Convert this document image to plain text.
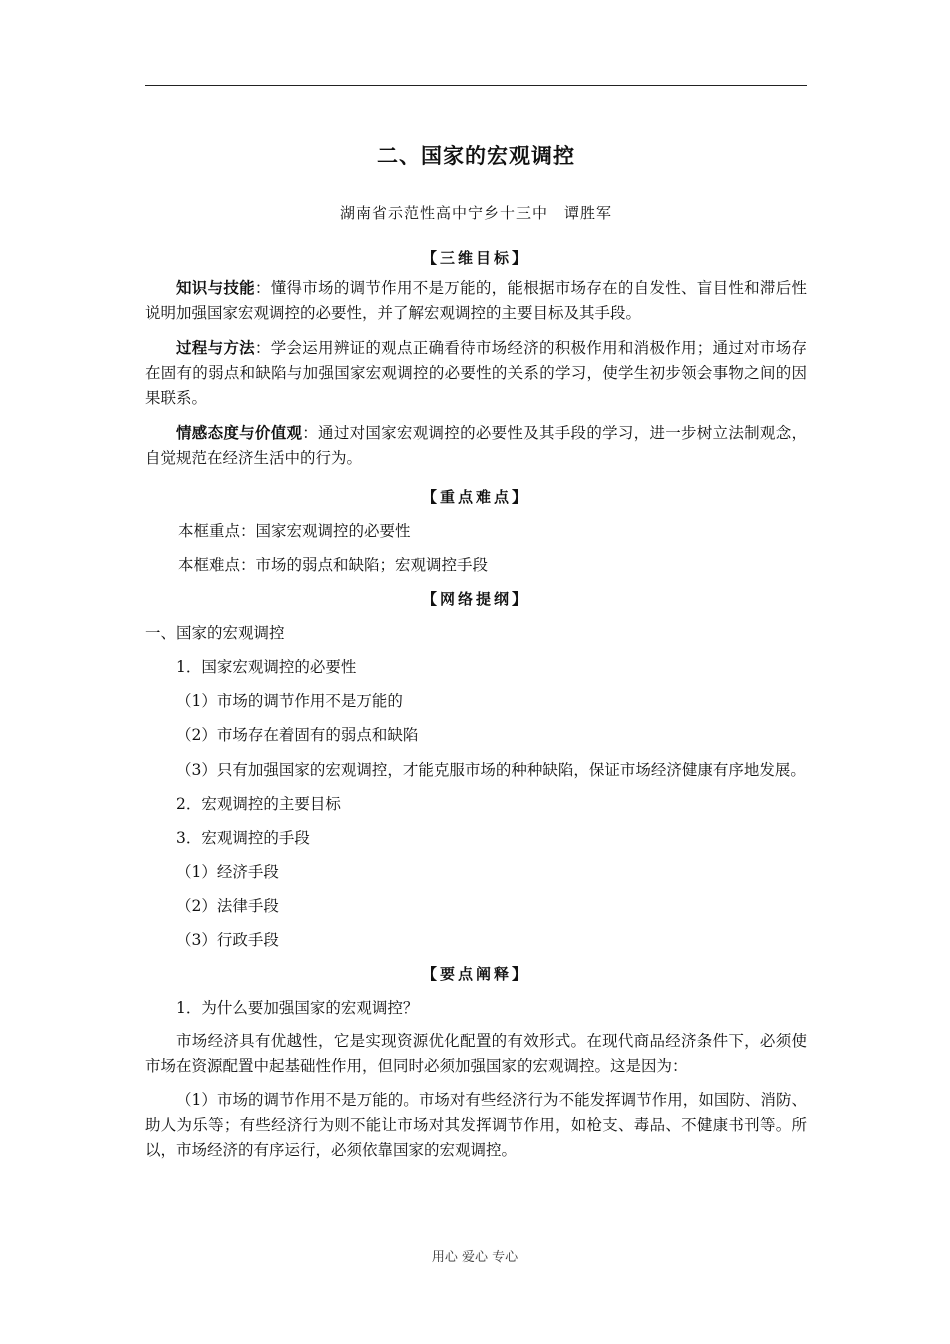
二、国家的宏观调控
湖南省示范性高中宁乡十三中　谭胜军
【三维目标】

知识与技能：懂得市场的调节作用不是万能的，能根据市场存在的自发性、盲目性和滞后性说明加强国家宏观调控的必要性，并了解宏观调控的主要目标及其手段。

过程与方法：学会运用辨证的观点正确看待市场经济的积极作用和消极作用；通过对市场存在固有的弱点和缺陷与加强国家宏观调控的必要性的关系的学习，使学生初步领会事物之间的因果联系。

情感态度与价值观：通过对国家宏观调控的必要性及其手段的学习，进一步树立法制观念，自觉规范在经济生活中的行为。

【重点难点】
本框重点：国家宏观调控的必要性
本框难点：市场的弱点和缺陷；宏观调控手段
【网络提纲】
一、国家的宏观调控
1．国家宏观调控的必要性
（1）市场的调节作用不是万能的
（2）市场存在着固有的弱点和缺陷

（3）只有加强国家的宏观调控，才能克服市场的种种缺陷，保证市场经济健康有序地发展。

2．宏观调控的主要目标
3．宏观调控的手段
（1）经济手段
（2）法律手段
（3）行政手段
【要点阐释】
1．为什么要加强国家的宏观调控？

市场经济具有优越性，它是实现资源优化配置的有效形式。在现代商品经济条件下，必须使市场在资源配置中起基础性作用，但同时必须加强国家的宏观调控。这是因为：

（1）市场的调节作用不是万能的。市场对有些经济行为不能发挥调节作用，如国防、消防、助人为乐等；有些经济行为则不能让市场对其发挥调节作用，如枪支、毒品、不健康书刊等。所以，市场经济的有序运行，必须依靠国家的宏观调控。

用心 爱心 专心
